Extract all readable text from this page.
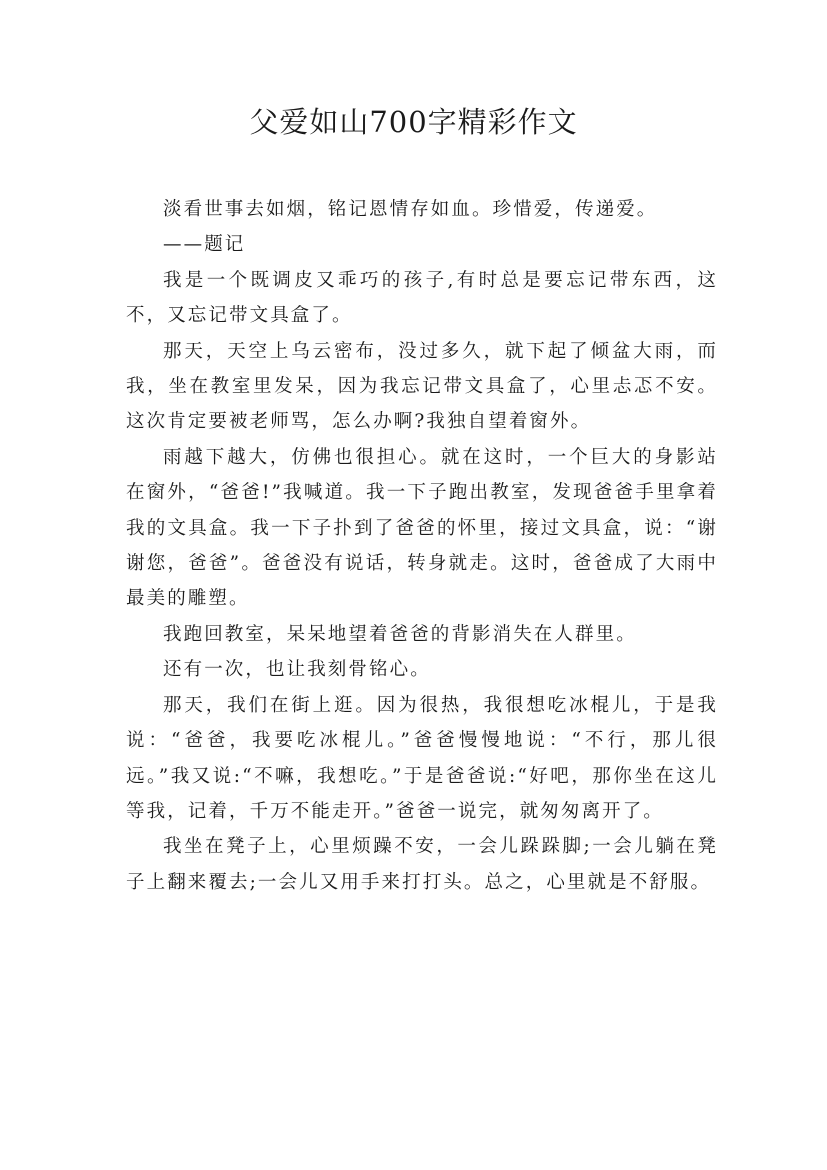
父爱如山700字精彩作文

淡看世事去如烟，铭记恩情存如血。珍惜爱，传递爱。

——题记

我是一个既调皮又乖巧的孩子,有时总是要忘记带东西，这不，又忘记带文具盒了。

那天，天空上乌云密布，没过多久，就下起了倾盆大雨，而我，坐在教室里发呆，因为我忘记带文具盒了，心里忐忑不安。这次肯定要被老师骂，怎么办啊?我独自望着窗外。

雨越下越大，仿佛也很担心。就在这时，一个巨大的身影站在窗外，“爸爸!”我喊道。我一下子跑出教室，发现爸爸手里拿着我的文具盒。我一下子扑到了爸爸的怀里，接过文具盒，说：“谢谢您，爸爸”。爸爸没有说话，转身就走。这时，爸爸成了大雨中最美的雕塑。

我跑回教室，呆呆地望着爸爸的背影消失在人群里。

还有一次，也让我刻骨铭心。

那天，我们在街上逛。因为很热，我很想吃冰棍儿，于是我说：“爸爸，我要吃冰棍儿。”爸爸慢慢地说：“不行，那儿很远。”我又说:“不嘛，我想吃。”于是爸爸说:“好吧，那你坐在这儿等我，记着，千万不能走开。”爸爸一说完，就匆匆离开了。

我坐在凳子上，心里烦躁不安，一会儿跺跺脚;一会儿躺在凳子上翻来覆去;一会儿又用手来打打头。总之，心里就是不舒服。
